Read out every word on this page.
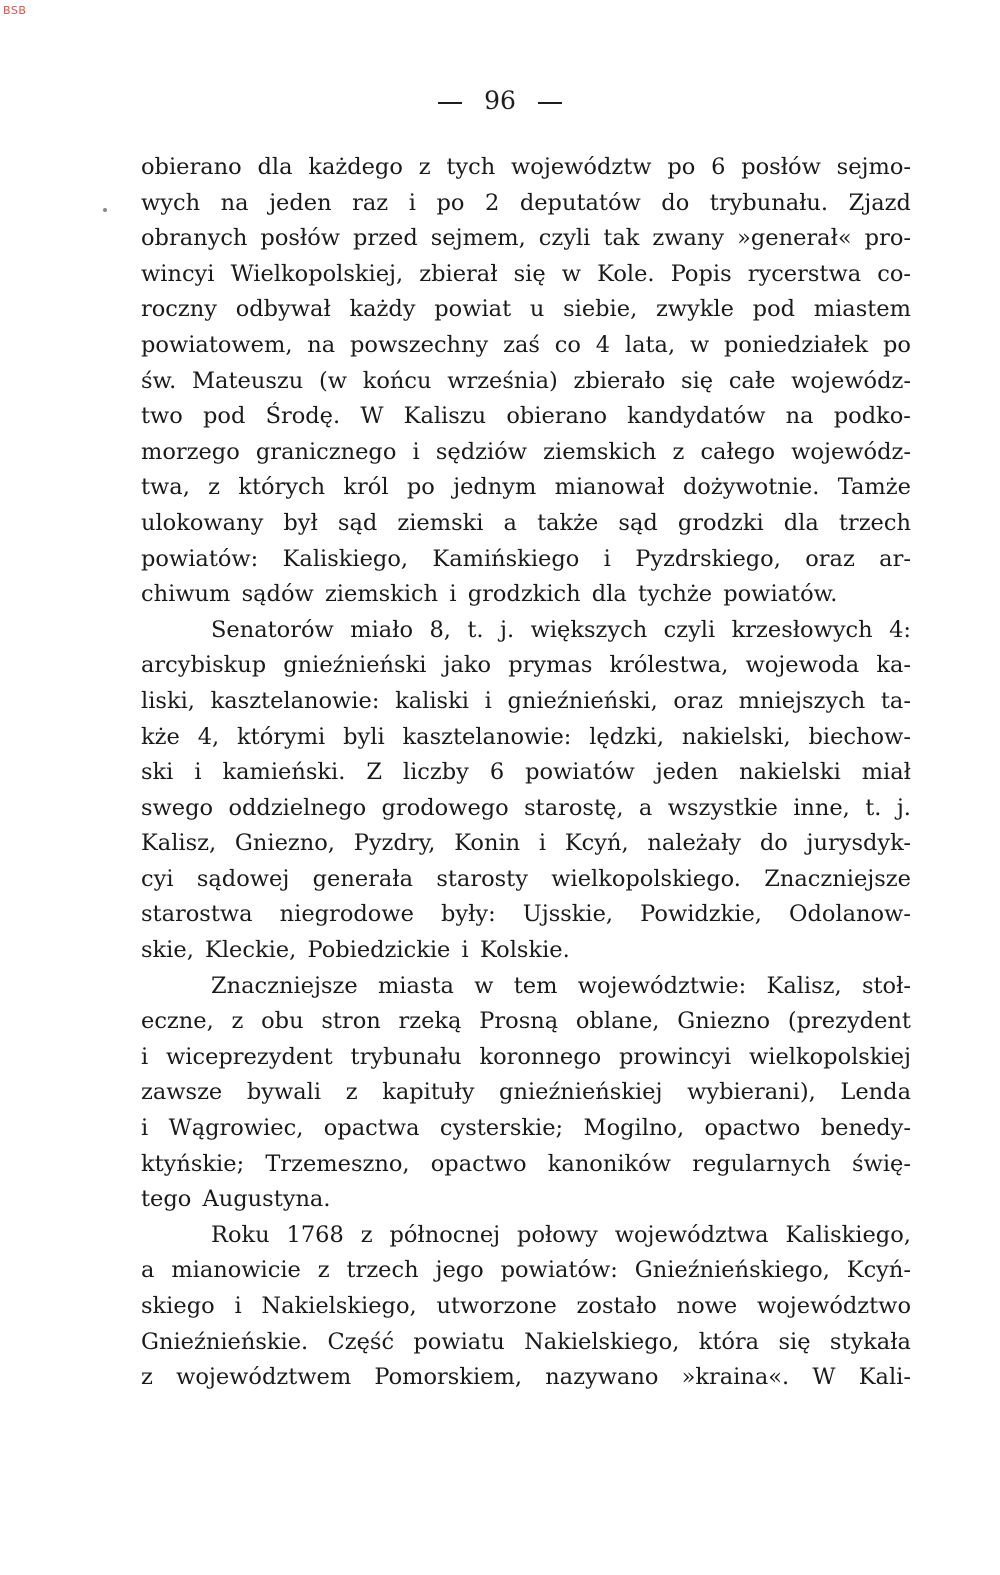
BSB
96
obierano dla każdego z tych województw po 6 posłów sejmo-
wych na jeden raz i po 2 deputatów do trybunału. Zjazd
obranych posłów przed sejmem, czyli tak zwany »generał« pro-
wincyi Wielkopolskiej, zbierał się w Kole. Popis rycerstwa co-
roczny odbywał każdy powiat u siebie, zwykle pod miastem
powiatowem, na powszechny zaś co 4 lata, w poniedziałek po
św. Mateuszu (w końcu września) zbierało się całe wojewódz-
two pod Środę. W Kaliszu obierano kandydatów na podko-
morzego granicznego i sędziów ziemskich z całego wojewódz-
twa, z których król po jednym mianował dożywotnie. Tamże
ulokowany był sąd ziemski a także sąd grodzki dla trzech
powiatów: Kaliskiego, Kamińskiego i Pyzdrskiego, oraz ar-
chiwum sądów ziemskich i grodzkich dla tychże powiatów.
Senatorów miało 8, t. j. większych czyli krzesłowych 4:
arcybiskup gnieźnieński jako prymas królestwa, wojewoda ka-
liski, kasztelanowie: kaliski i gnieźnieński, oraz mniejszych ta-
kże 4, którymi byli kasztelanowie: lędzki, nakielski, biechow-
ski i kamieński. Z liczby 6 powiatów jeden nakielski miał
swego oddzielnego grodowego starostę, a wszystkie inne, t. j.
Kalisz, Gniezno, Pyzdry, Konin i Kcyń, należały do jurysdyk-
cyi sądowej generała starosty wielkopolskiego. Znaczniejsze
starostwa niegrodowe były: Ujsskie, Powidzkie, Odolanow-
skie, Kleckie, Pobiedzickie i Kolskie.
Znaczniejsze miasta w tem województwie: Kalisz, stoł-
eczne, z obu stron rzeką Prosną oblane, Gniezno (prezydent
i wiceprezydent trybunału koronnego prowincyi wielkopolskiej
zawsze bywali z kapituły gnieźnieńskiej wybierani), Lenda
i Wągrowiec, opactwa cysterskie; Mogilno, opactwo benedy-
ktyńskie; Trzemeszno, opactwo kanoników regularnych świę-
tego Augustyna.
Roku 1768 z północnej połowy województwa Kaliskiego,
a mianowicie z trzech jego powiatów: Gnieźnieńskiego, Kcyń-
skiego i Nakielskiego, utworzone zostało nowe województwo
Gnieźnieńskie. Część powiatu Nakielskiego, która się stykała
z województwem Pomorskiem, nazywano »kraina«. W Kali-
